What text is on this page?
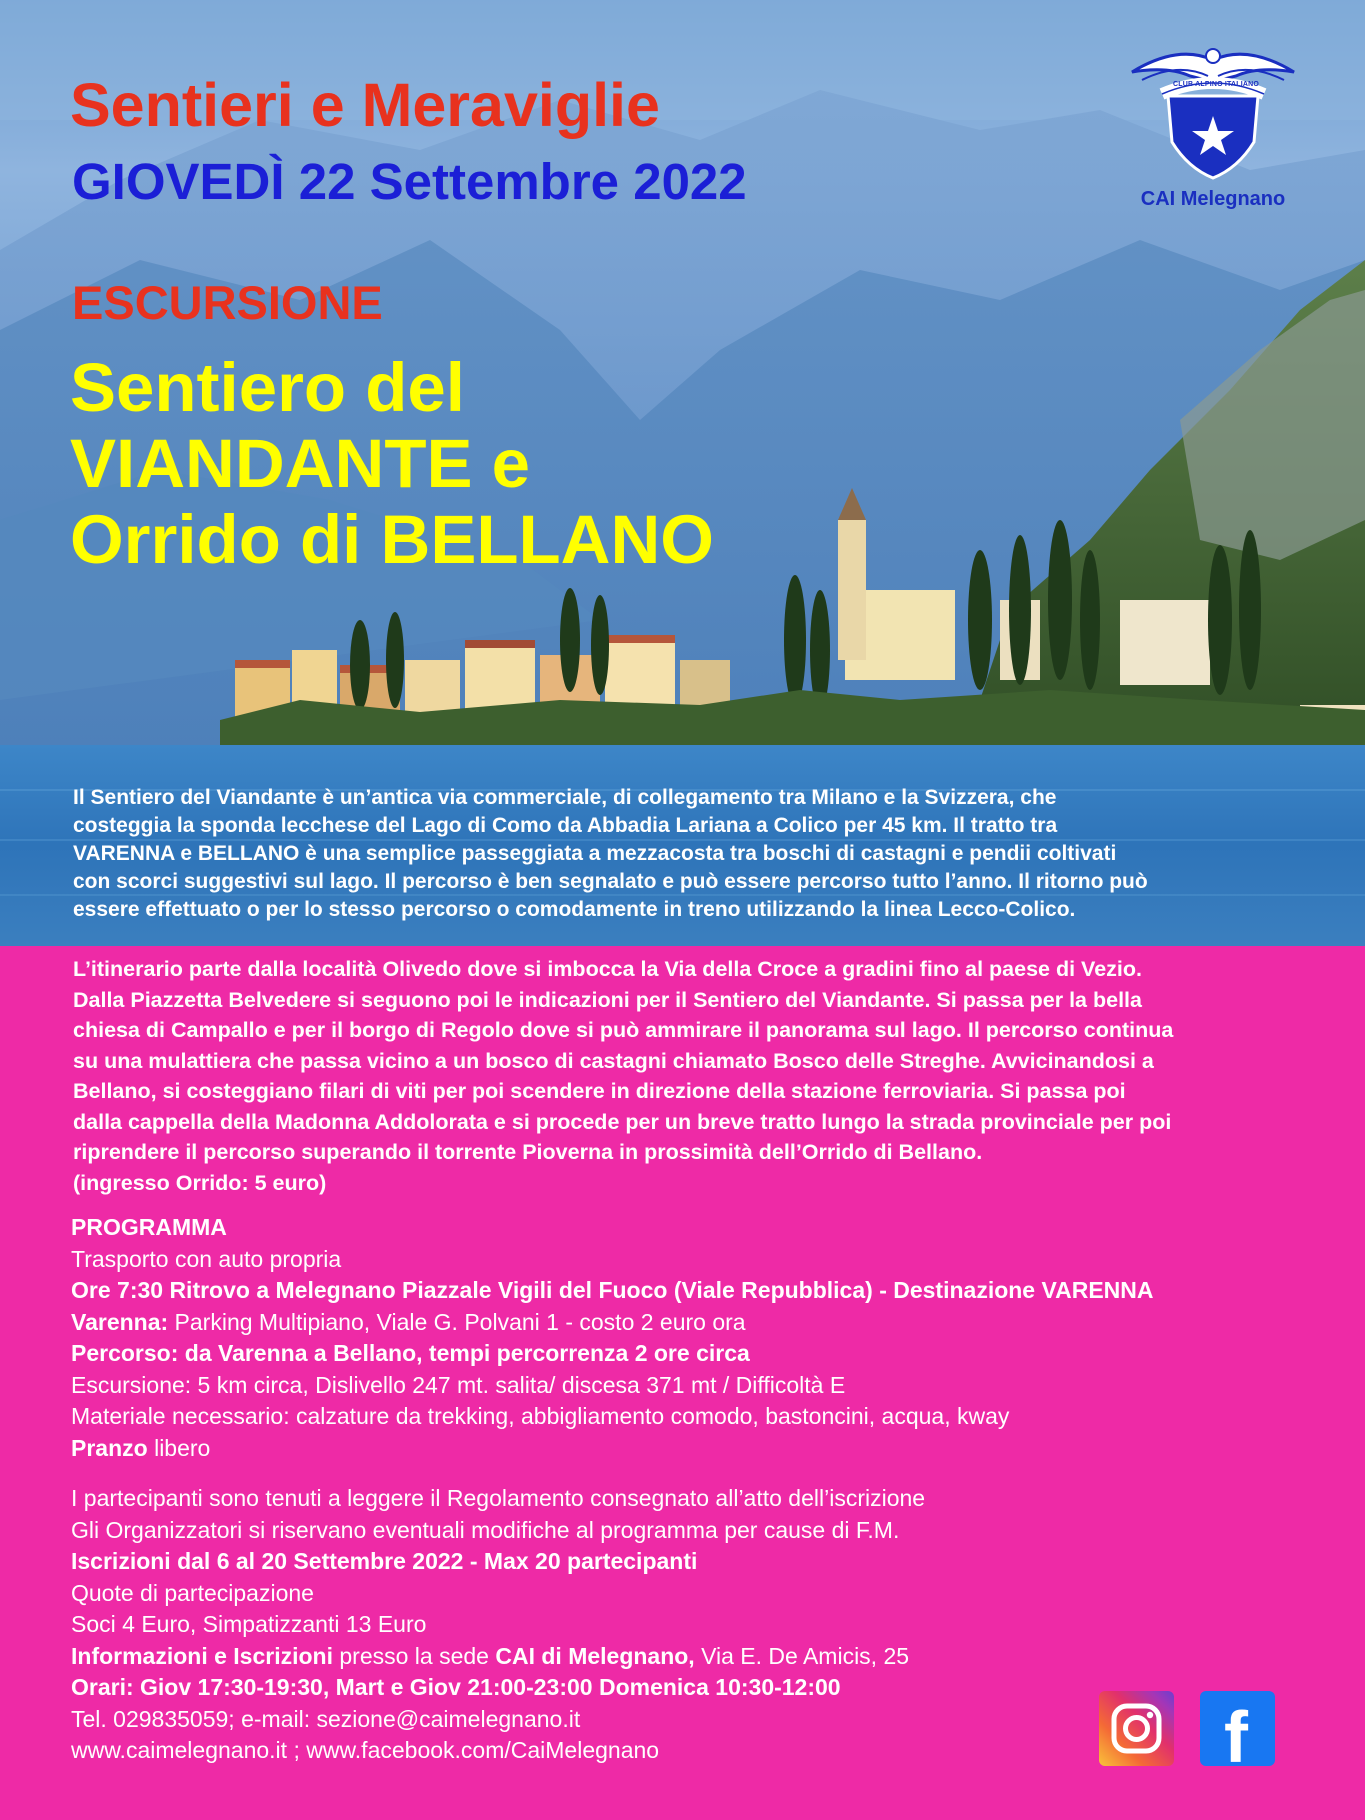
Sentieri e Meraviglie
GIOVEDÌ 22 Settembre 2022
ESCURSIONE
Sentiero del
VIANDANTE e
Orrido di BELLANO
CLUB ALPINO ITALIANO
CAI Melegnano
Il Sentiero del Viandante è un’antica via commerciale, di collegamento tra Milano e la Svizzera, che
costeggia la sponda lecchese del Lago di Como da Abbadia Lariana a Colico per 45 km. Il tratto tra
VARENNA e BELLANO è una semplice passeggiata a mezzacosta tra boschi di castagni e pendii coltivati
con scorci suggestivi sul lago. Il percorso è ben segnalato e può essere percorso tutto l’anno. Il ritorno può
essere effettuato o per lo stesso percorso o comodamente in treno utilizzando la linea Lecco-Colico.
L’itinerario parte dalla località Olivedo dove si imbocca la Via della Croce a gradini fino al paese di Vezio.
Dalla Piazzetta Belvedere si seguono poi le indicazioni per il Sentiero del Viandante. Si passa per la bella
chiesa di Campallo e per il borgo di Regolo dove si può ammirare il panorama sul lago. Il percorso continua
su una mulattiera che passa vicino a un bosco di castagni chiamato Bosco delle Streghe. Avvicinandosi a
Bellano, si costeggiano filari di viti per poi scendere in direzione della stazione ferroviaria. Si passa poi
dalla cappella della Madonna Addolorata e si procede per un breve tratto lungo la strada provinciale per poi
riprendere il percorso superando il torrente Pioverna in prossimità dell’Orrido di Bellano.
(ingresso Orrido: 5 euro)
PROGRAMMA
Trasporto con auto propria
Ore 7:30 Ritrovo a Melegnano Piazzale Vigili del Fuoco (Viale Repubblica) - Destinazione VARENNA
Varenna: Parking Multipiano, Viale G. Polvani 1 - costo 2 euro ora
Percorso: da Varenna a Bellano, tempi percorrenza 2 ore circa
Escursione: 5 km circa, Dislivello 247 mt. salita/ discesa 371 mt / Difficoltà E
Materiale necessario: calzature da trekking, abbigliamento comodo, bastoncini, acqua, kway
Pranzo libero
I partecipanti sono tenuti a leggere il Regolamento consegnato all’atto dell’iscrizione
Gli Organizzatori si riservano eventuali modifiche al programma per cause di F.M.
Iscrizioni dal 6 al 20 Settembre 2022 - Max 20 partecipanti
Quote di partecipazione
Soci 4 Euro, Simpatizzanti 13 Euro
Informazioni e Iscrizioni presso la sede CAI di Melegnano, Via E. De Amicis, 25
Orari: Giov 17:30-19:30, Mart e Giov 21:00-23:00 Domenica 10:30-12:00
Tel. 029835059; e-mail: sezione@caimelegnano.it
www.caimelegnano.it ; www.facebook.com/CaiMelegnano	f
